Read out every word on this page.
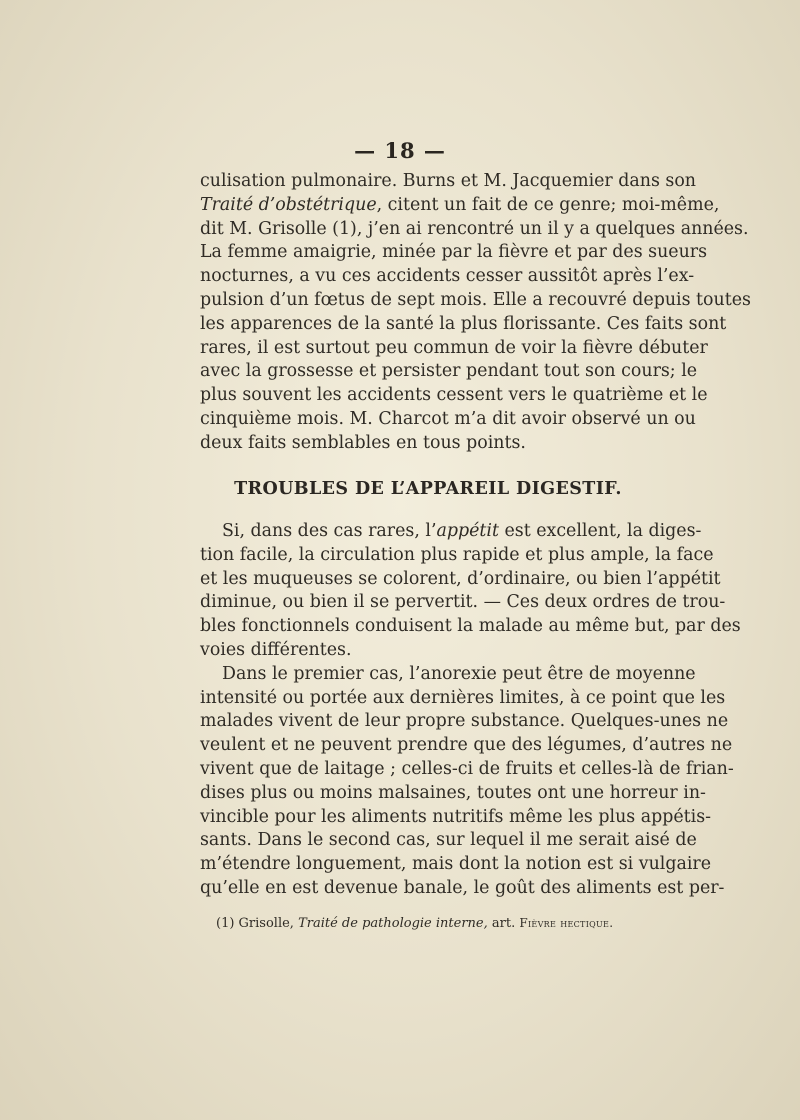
— 18 —
culisation pulmonaire. Burns et M. Jacquemier dans son
Traité d’obstétrique, citent un fait de ce genre; moi-même,
dit M. Grisolle (1), j’en ai rencontré un il y a quelques années.
La femme amaigrie, minée par la fièvre et par des sueurs
nocturnes, a vu ces accidents cesser aussitôt après l’ex-
pulsion d’un fœtus de sept mois. Elle a recouvré depuis toutes
les apparences de la santé la plus florissante. Ces faits sont
rares, il est surtout peu commun de voir la fièvre débuter
avec la grossesse et persister pendant tout son cours; le
plus souvent les accidents cessent vers le quatrième et le
cinquième mois. M. Charcot m’a dit avoir observé un ou
deux faits semblables en tous points.
TROUBLES DE L’APPAREIL DIGESTIF.
Si, dans des cas rares, l’appétit est excellent, la diges-
tion facile, la circulation plus rapide et plus ample, la face
et les muqueuses se colorent, d’ordinaire, ou bien l’appétit
diminue, ou bien il se pervertit. — Ces deux ordres de trou-
bles fonctionnels conduisent la malade au même but, par des
voies différentes.
Dans le premier cas, l’anorexie peut être de moyenne
intensité ou portée aux dernières limites, à ce point que les
malades vivent de leur propre substance. Quelques-unes ne
veulent et ne peuvent prendre que des légumes, d’autres ne
vivent que de laitage ; celles-ci de fruits et celles-là de frian-
dises plus ou moins malsaines, toutes ont une horreur in-
vincible pour les aliments nutritifs même les plus appétis-
sants. Dans le second cas, sur lequel il me serait aisé de
m’étendre longuement, mais dont la notion est si vulgaire
qu’elle en est devenue banale, le goût des aliments est per-
(1) Grisolle, Traité de pathologie interne, art. Fièvre hectique.
